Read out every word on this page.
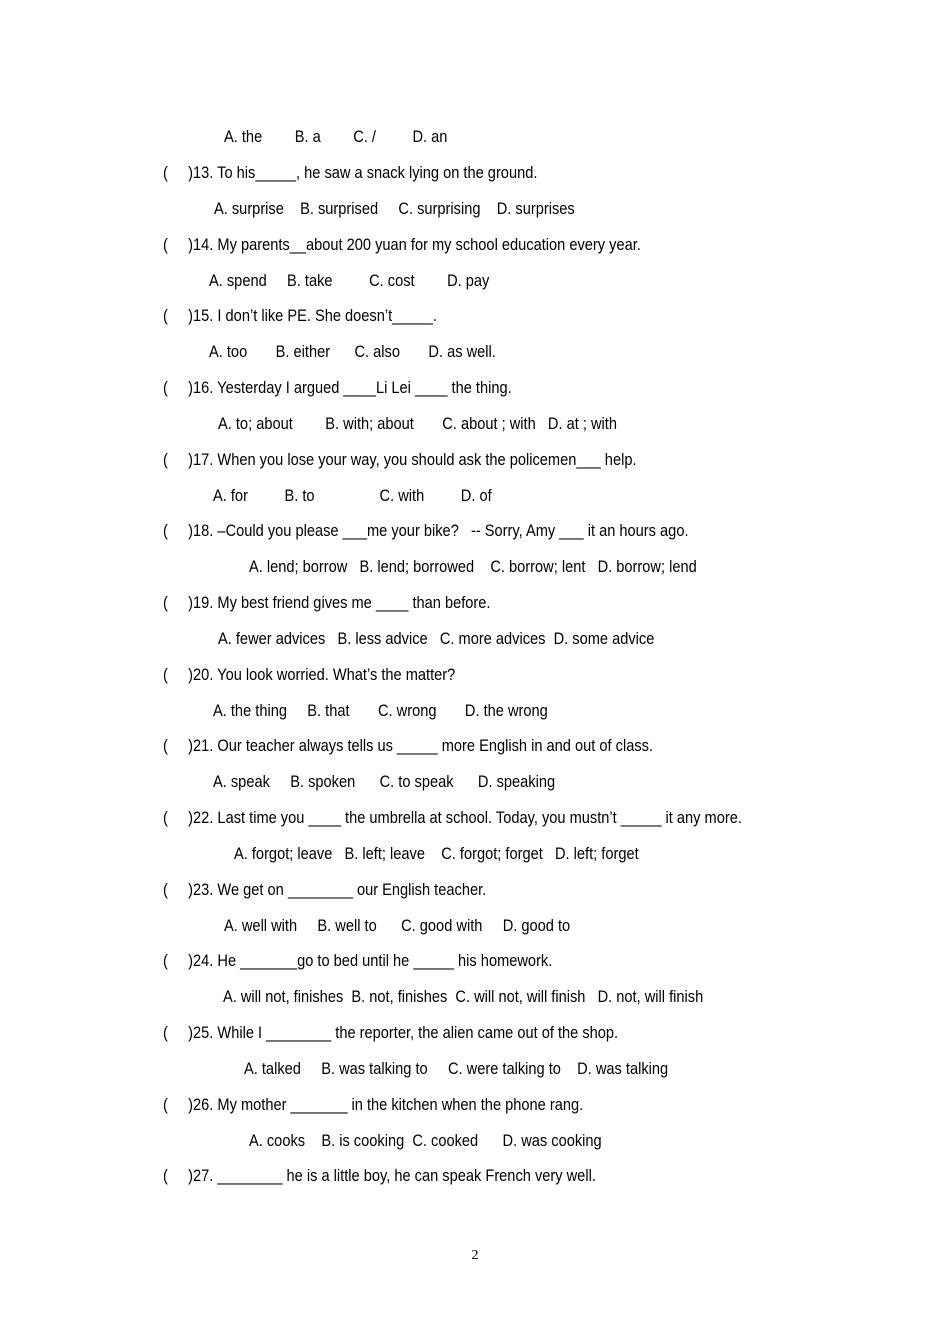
A. the        B. a        C. /         D. an
(     )13. To his_____, he saw a snack lying on the ground.
A. surprise    B. surprised     C. surprising    D. surprises
(     )14. My parents__about 200 yuan for my school education every year.
A. spend     B. take         C. cost        D. pay
(     )15. I don’t like PE. She doesn’t_____.
A. too       B. either      C. also       D. as well.
(     )16. Yesterday I argued ____Li Lei ____ the thing.
A. to; about        B. with; about       C. about ; with   D. at ; with
(     )17. When you lose your way, you should ask the policemen___ help.
A. for         B. to                C. with         D. of
(     )18. –Could you please ___me your bike?   -- Sorry, Amy ___ it an hours ago.
A. lend; borrow   B. lend; borrowed    C. borrow; lent   D. borrow; lend
(     )19. My best friend gives me ____ than before.
A. fewer advices   B. less advice   C. more advices  D. some advice
(     )20. You look worried. What’s the matter?
A. the thing     B. that       C. wrong       D. the wrong
(     )21. Our teacher always tells us _____ more English in and out of class.
A. speak     B. spoken      C. to speak      D. speaking
(     )22. Last time you ____ the umbrella at school. Today, you mustn’t _____ it any more.
A. forgot; leave   B. left; leave    C. forgot; forget   D. left; forget
(     )23. We get on ________ our English teacher.
A. well with     B. well to      C. good with     D. good to
(     )24. He _______go to bed until he _____ his homework.
A. will not, finishes  B. not, finishes  C. will not, will finish   D. not, will finish
(     )25. While I ________ the reporter, the alien came out of the shop.
A. talked     B. was talking to     C. were talking to    D. was talking
(     )26. My mother _______ in the kitchen when the phone rang.
A. cooks    B. is cooking  C. cooked      D. was cooking
(     )27. ________ he is a little boy, he can speak French very well.
2
